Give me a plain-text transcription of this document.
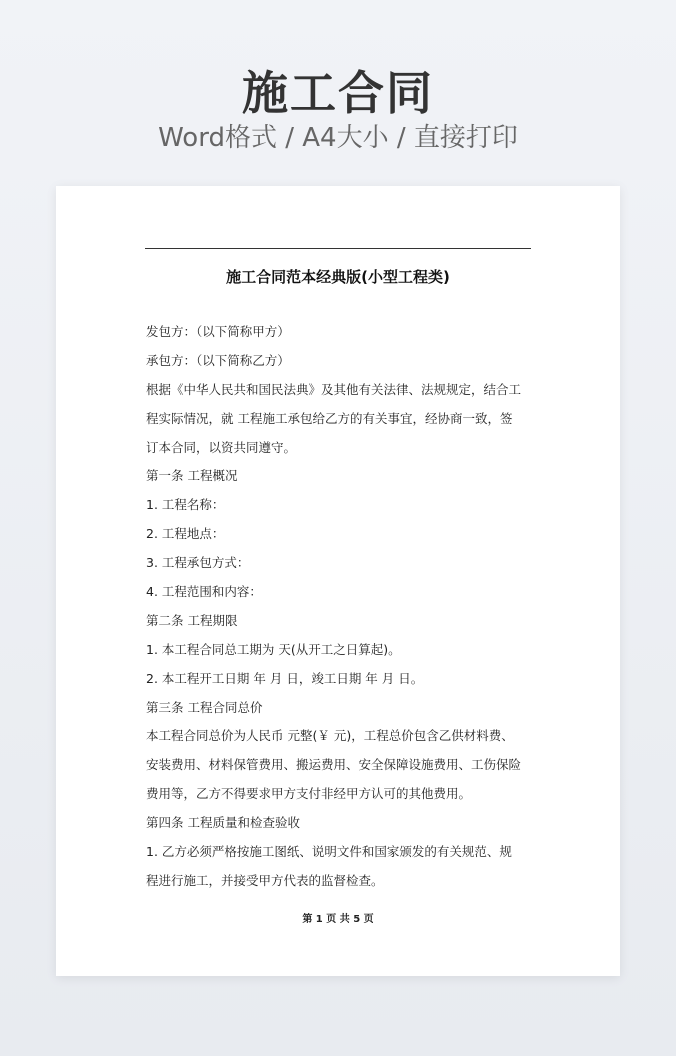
施工合同
Word格式 / A4大小 / 直接打印
施工合同范本经典版(小型工程类)
发包方：（以下简称甲方）
承包方：（以下简称乙方）
根据《中华人民共和国民法典》及其他有关法律、法规规定，结合工
程实际情况，就 工程施工承包给乙方的有关事宜，经协商一致，签
订本合同，以资共同遵守。
第一条 工程概况
1. 工程名称：
2. 工程地点：
3. 工程承包方式：
4. 工程范围和内容：
第二条 工程期限
1. 本工程合同总工期为 天(从开工之日算起)。
2. 本工程开工日期 年 月 日，竣工日期 年 月 日。
第三条 工程合同总价
本工程合同总价为人民币 元整(￥ 元)，工程总价包含乙供材料费、
安装费用、材料保管费用、搬运费用、安全保障设施费用、工伤保险
费用等，乙方不得要求甲方支付非经甲方认可的其他费用。
第四条 工程质量和检查验收
1. 乙方必须严格按施工图纸、说明文件和国家颁发的有关规范、规
程进行施工，并接受甲方代表的监督检查。
第 1 页 共 5 页
